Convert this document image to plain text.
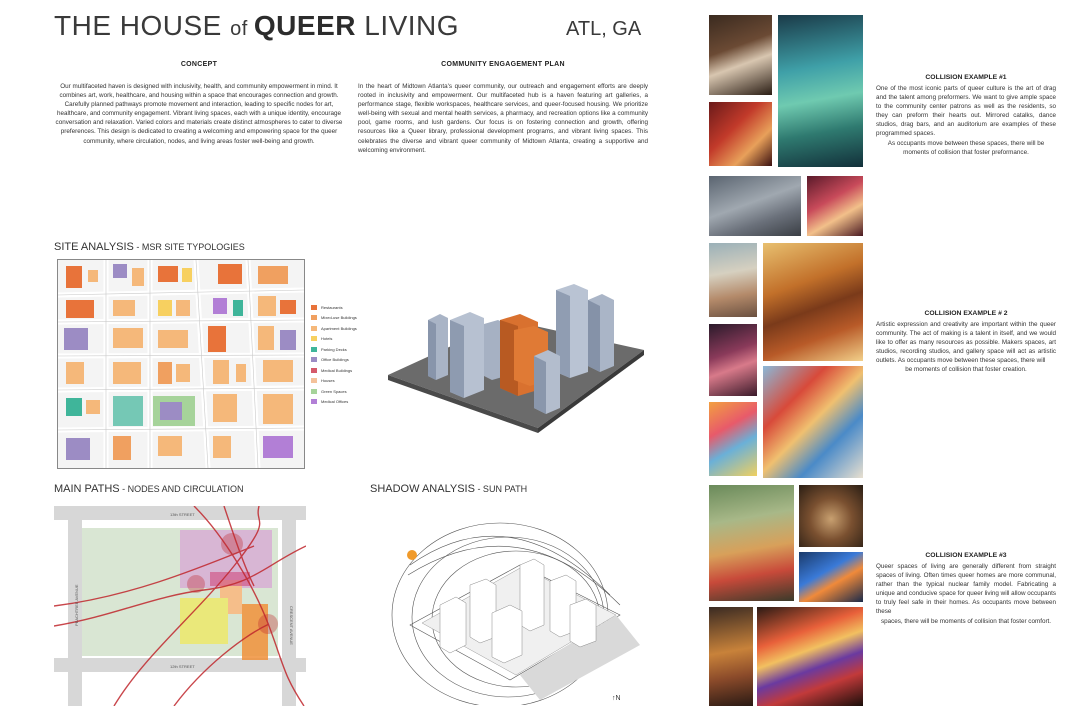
THE HOUSE of QUEER LIVING	ATL, GA
CONCEPT
Our multifaceted haven is designed with inclusivity, health, and community empowerment in mind. It combines art, work, healthcare, and housing within a space that encourages connection and growth. Carefully planned pathways promote movement and interaction, leading to specific nodes for art, healthcare, and community engagement. Vibrant living spaces, each with a unique identity, encourage conversation and relaxation. Varied colors and materials create distinct atmospheres to cater to diverse preferences. This design is dedicated to creating a welcoming and empowering space for the queer community, where circulation, nodes, and living areas foster well-being and growth.
COMMUNITY ENGAGEMENT PLAN
In the heart of Midtown Atlanta's queer community, our outreach and engagement efforts are deeply rooted in inclusivity and empowerment. Our multifaceted hub is a haven featuring art galleries, a performance stage, flexible workspaces, healthcare services, and queer-focused housing. We prioritize well-being with sexual and mental health services, a pharmacy, and recreation options like a community pool, game rooms, and lush gardens. Our focus is on fostering connection and growth, offering resources like a Queer library, professional development programs, and vibrant living spaces. This celebrates the diverse and vibrant queer community of Midtown Atlanta, creating a supportive and welcoming environment.
SITE ANALYSIS - MSR SITE TYPOLOGIES
Restaurants
Mixed-use Buildings
Apartment Buildings
Hotels
Parking Decks
Office Buildings
Medical Buildings
Houses
Green Spaces
Medical Offices
MAIN PATHS - NODES AND CIRCULATION
13th STREET
12th STREET
PEACHTREE AVENUE	CRESCENT AVENUE
SHADOW ANALYSIS - SUN PATH
↑N
COLLISION EXAMPLE #1
One of the most iconic parts of queer culture is the art of drag and the talent among preformers. We want to give ample space to the community center patrons as well as the residents, so they can preform their hearts out. Mirrored catalks, dance studios, drag bars, and an auditorium are examples of these programmed spaces.
As occupants move between these spaces, there will be moments of collision that foster preformance.
COLLISION EXAMPLE # 2
Artistic expression and creativity are important within the queer community. The act of making is a talent in itself, and we would like to offer as many resources as possible. Makers spaces, art studios, recording studios, and gallery space will act as artistic outlets. As occupants move between these spaces, there will
be moments of collision that foster creation.
COLLISION EXAMPLE #3
Queer spaces of living are generally different from straight spaces of living. Often times queer homes are more communal, rather than the typical nuclear family model. Fabricating a unique and conducive space for queer living will allow occupants to truly feel safe in their homes. As occupants move between these
spaces, there will be moments of collision that foster comfort.
